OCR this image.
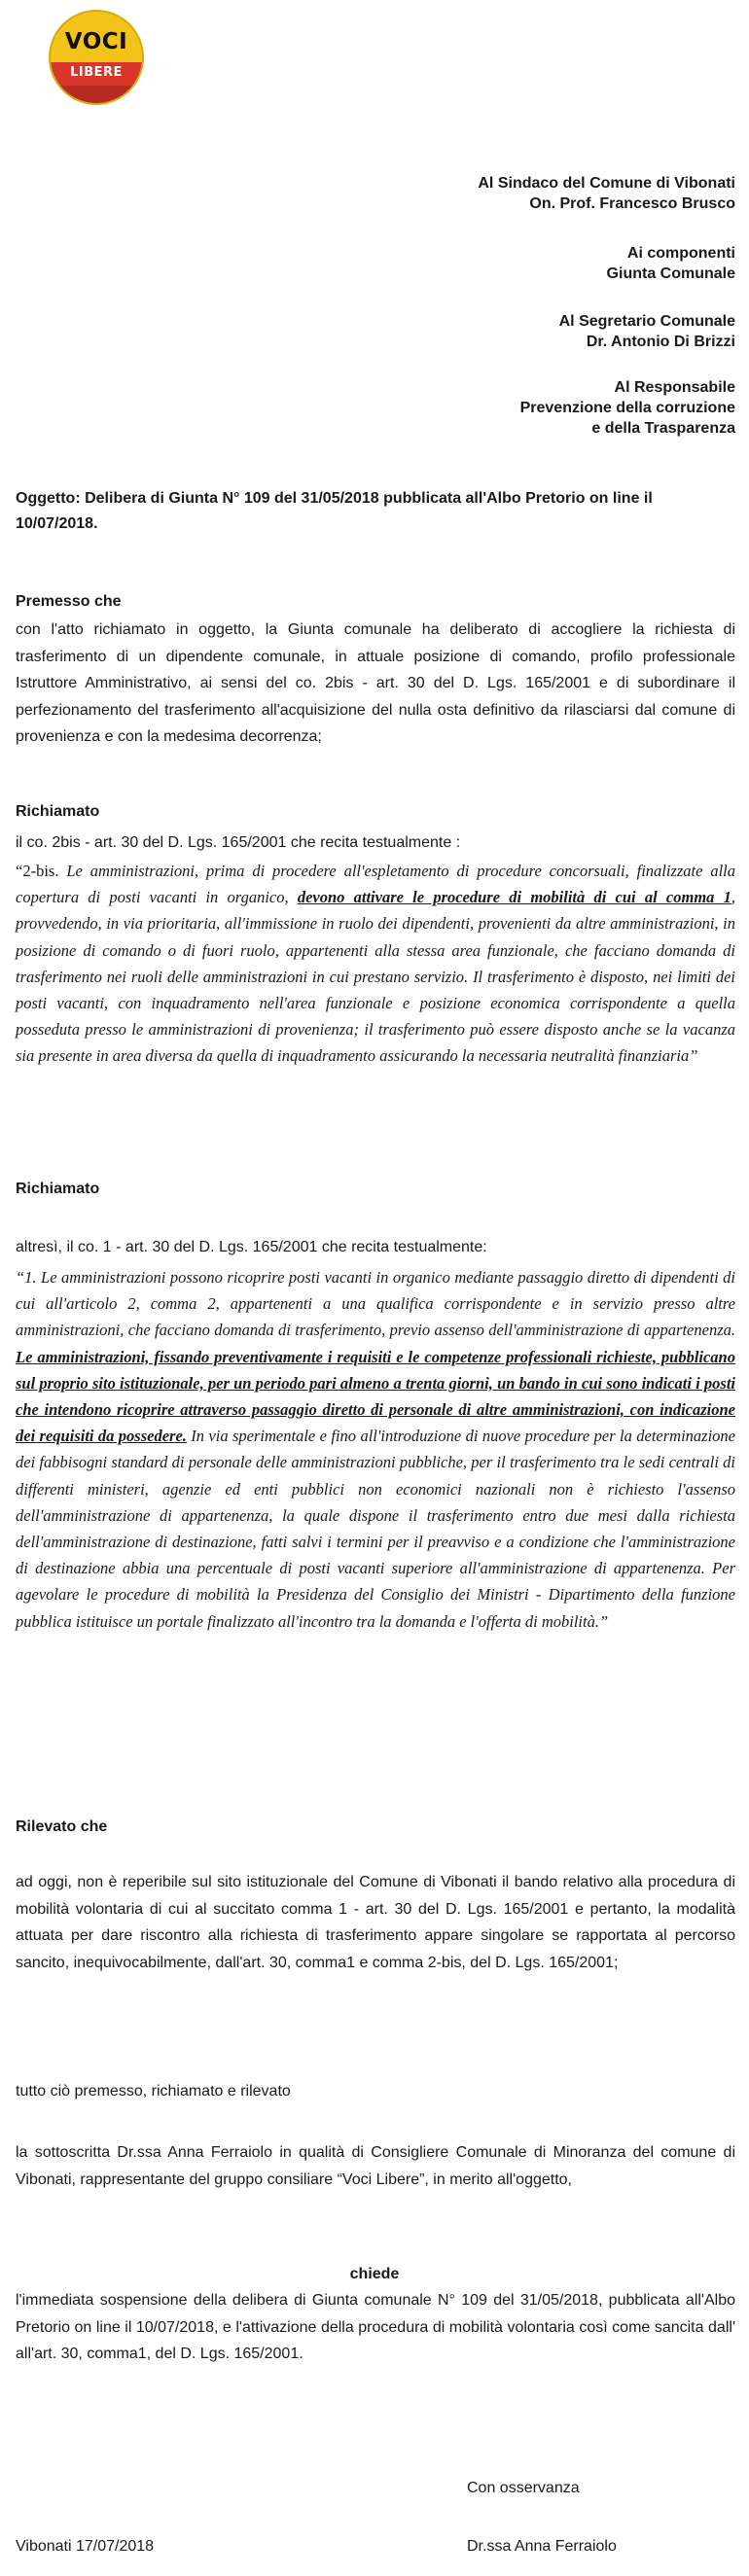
VOCI
LIBERE
Al Sindaco del Comune di Vibonati
On. Prof. Francesco Brusco
Ai componenti
Giunta Comunale
Al Segretario Comunale
Dr. Antonio Di Brizzi
Al Responsabile
Prevenzione della corruzione
e della Trasparenza
Oggetto: Delibera di Giunta N° 109 del 31/05/2018 pubblicata all'Albo Pretorio on line il 10/07/2018.
Premesso che
con l'atto richiamato in oggetto, la Giunta comunale ha deliberato di accogliere la richiesta di trasferimento di un dipendente comunale, in attuale posizione di comando, profilo professionale Istruttore Amministrativo, ai sensi del co. 2bis - art. 30 del D. Lgs. 165/2001 e di subordinare il perfezionamento del trasferimento all'acquisizione del nulla osta definitivo da rilasciarsi dal comune di provenienza e con la medesima decorrenza;
Richiamato
il co. 2bis - art. 30 del D. Lgs. 165/2001 che recita testualmente :
“2-bis. Le amministrazioni, prima di procedere all'espletamento di procedure concorsuali, finalizzate alla copertura di posti vacanti in organico, devono attivare le procedure di mobilità di cui al comma 1, provvedendo, in via prioritaria, all'immissione in ruolo dei dipendenti, provenienti da altre amministrazioni, in posizione di comando o di fuori ruolo, appartenenti alla stessa area funzionale, che facciano domanda di trasferimento nei ruoli delle amministrazioni in cui prestano servizio. Il trasferimento è disposto, nei limiti dei posti vacanti, con inquadramento nell'area funzionale e posizione economica corrispondente a quella posseduta presso le amministrazioni di provenienza; il trasferimento può essere disposto anche se la vacanza sia presente in area diversa da quella di inquadramento assicurando la necessaria neutralità finanziaria”
Richiamato
altresì, il co. 1 - art. 30 del D. Lgs. 165/2001 che recita testualmente:
“1. Le amministrazioni possono ricoprire posti vacanti in organico mediante passaggio diretto di dipendenti di cui all'articolo 2, comma 2, appartenenti a una qualifica corrispondente e in servizio presso altre amministrazioni, che facciano domanda di trasferimento, previo assenso dell'amministrazione di appartenenza. Le amministrazioni, fissando preventivamente i requisiti e le competenze professionali richieste, pubblicano sul proprio sito istituzionale, per un periodo pari almeno a trenta giorni, un bando in cui sono indicati i posti che intendono ricoprire attraverso passaggio diretto di personale di altre amministrazioni, con indicazione dei requisiti da possedere. In via sperimentale e fino all'introduzione di nuove procedure per la determinazione dei fabbisogni standard di personale delle amministrazioni pubbliche, per il trasferimento tra le sedi centrali di differenti ministeri, agenzie ed enti pubblici non economici nazionali non è richiesto l'assenso dell'amministrazione di appartenenza, la quale dispone il trasferimento entro due mesi dalla richiesta dell'amministrazione di destinazione, fatti salvi i termini per il preavviso e a condizione che l'amministrazione di destinazione abbia una percentuale di posti vacanti superiore all'amministrazione di appartenenza. Per agevolare le procedure di mobilità la Presidenza del Consiglio dei Ministri - Dipartimento della funzione pubblica istituisce un portale finalizzato all'incontro tra la domanda e l'offerta di mobilità.”
Rilevato che
ad oggi, non è reperibile sul sito istituzionale del Comune di Vibonati il bando relativo alla procedura di mobilità volontaria di cui al succitato comma 1 - art. 30 del D. Lgs. 165/2001 e pertanto, la modalità attuata per dare riscontro alla richiesta di trasferimento appare singolare se rapportata al percorso sancito, inequivocabilmente, dall'art. 30, comma1 e comma 2-bis, del D. Lgs. 165/2001;
tutto ciò premesso, richiamato e rilevato
la sottoscritta Dr.ssa Anna Ferraiolo in qualità di Consigliere Comunale di Minoranza del comune di Vibonati, rappresentante del gruppo consiliare “Voci Libere”, in merito all'oggetto,
chiede
l'immediata sospensione della delibera di Giunta comunale N° 109 del 31/05/2018, pubblicata all'Albo Pretorio on line il 10/07/2018, e l'attivazione della procedura di mobilità volontaria così come sancita dall' all'art. 30, comma1, del D. Lgs. 165/2001.
Con osservanza
Vibonati 17/07/2018	Dr.ssa Anna Ferraiolo
